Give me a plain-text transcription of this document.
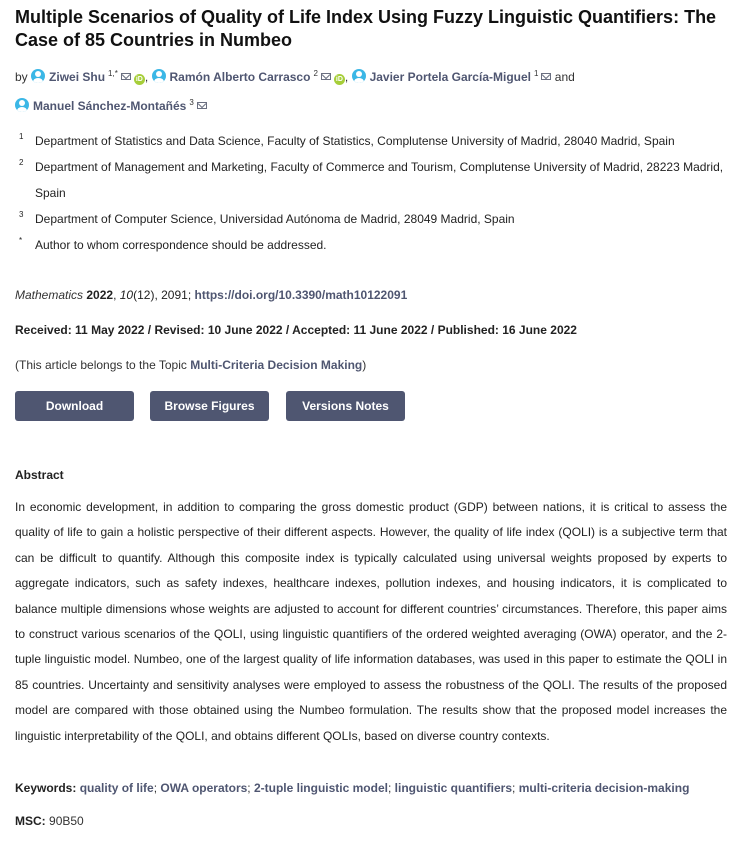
Multiple Scenarios of Quality of Life Index Using Fuzzy Linguistic Quantifiers: The Case of 85 Countries in Numbeo
by Ziwei Shu $^{1,*}$iD , Ramón Alberto Carrasco $^2$iD , Javier Portela García-Miguel $^1$ and
Manuel Sánchez-Montañés $^3$
1 Department of Statistics and Data Science, Faculty of Statistics, Complutense University of Madrid, 28040 Madrid, Spain
2 Department of Management and Marketing, Faculty of Commerce and Tourism, Complutense University of Madrid, 28223 Madrid, Spain
3 Department of Computer Science, Universidad Autónoma de Madrid, 28049 Madrid, Spain
* Author to whom correspondence should be addressed.
Mathematics 2022, 10(12), 2091; https://doi.org/10.3390/math10122091
Received: 11 May 2022 / Revised: 10 June 2022 / Accepted: 11 June 2022 / Published: 16 June 2022
(This article belongs to the Topic Multi-Criteria Decision Making)
Download	Browse Figures	Versions Notes
Abstract

In economic development, in addition to comparing the gross domestic product (GDP) between nations, it is critical to assess the quality of life to gain a holistic perspective of their different aspects. However, the quality of life index (QOLI) is a subjective term that can be difficult to quantify. Although this composite index is typically calculated using universal weights proposed by experts to aggregate indicators, such as safety indexes, healthcare indexes, pollution indexes, and housing indicators, it is complicated to balance multiple dimensions whose weights are adjusted to account for different countries’ circumstances. Therefore, this paper aims to construct various scenarios of the QOLI, using linguistic quantifiers of the ordered weighted averaging (OWA) operator, and the 2-tuple linguistic model. Numbeo, one of the largest quality of life information databases, was used in this paper to estimate the QOLI in 85 countries. Uncertainty and sensitivity analyses were employed to assess the robustness of the QOLI. The results of the proposed model are compared with those obtained using the Numbeo formulation. The results show that the proposed model increases the linguistic interpretability of the QOLI, and obtains different QOLIs, based on diverse country contexts.

Keywords: quality of life; OWA operators; 2-tuple linguistic model; linguistic quantifiers; multi-criteria decision-making
MSC: 90B50
